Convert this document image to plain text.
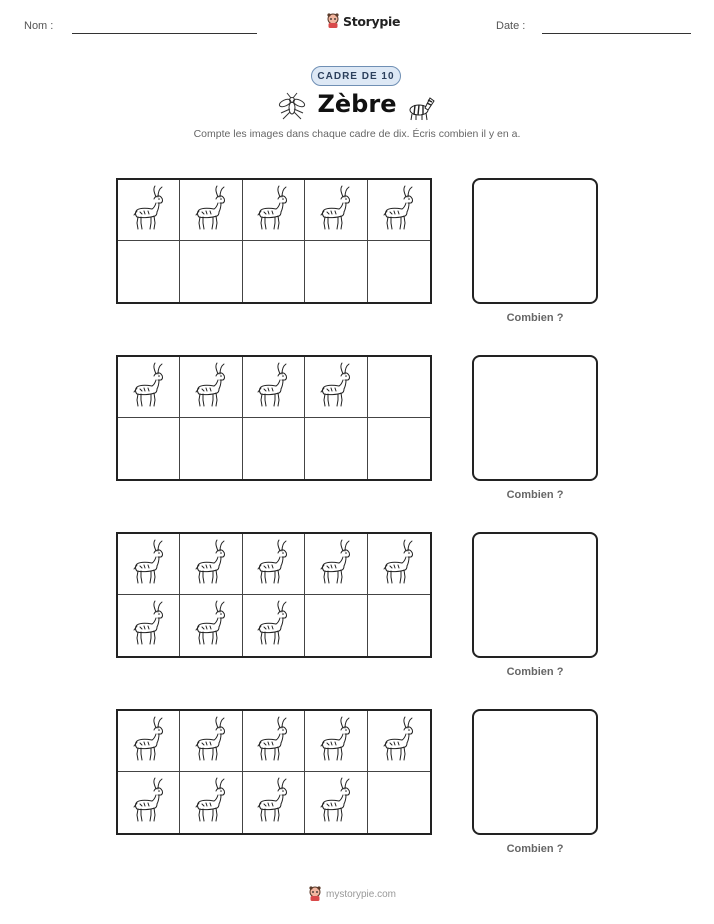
Nom :	Storypie	Date :
CADRE DE 10
Zèbre
Compte les images dans chaque cadre de dix. Écris combien il y en a.
Combien ?
Combien ?
Combien ?
Combien ?
mystorypie.com
